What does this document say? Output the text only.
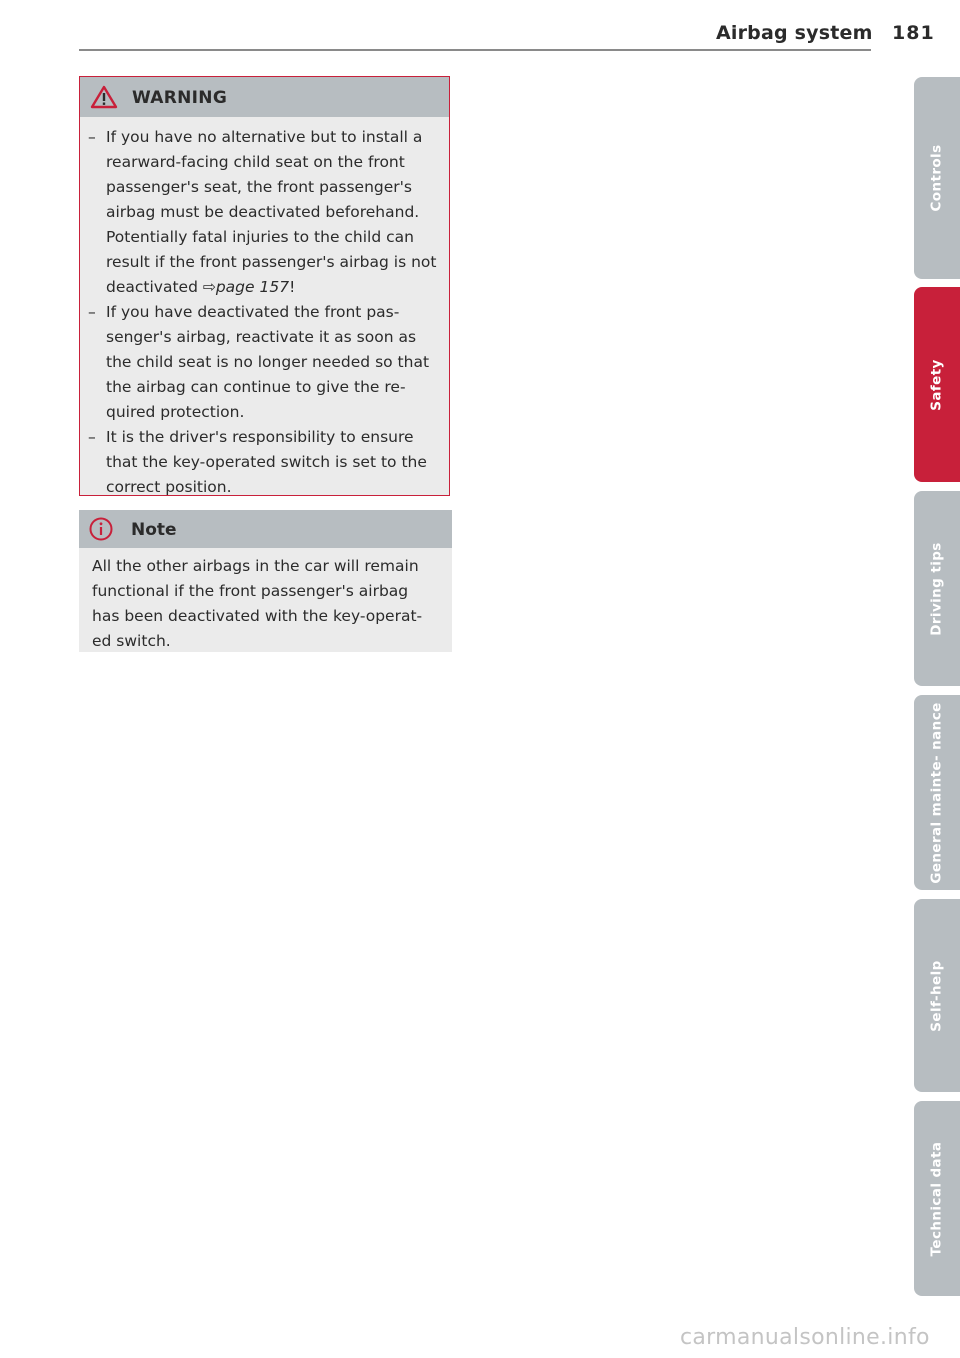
Airbag system 181
WARNING
– If you have no alternative but to install a rearward-facing child seat on the front passenger's seat, the front passenger's airbag must be deactivated beforehand. Potentially fatal injuries to the child can result if the front passenger's airbag is not deactivated ⇨page 157!
– If you have deactivated the front pas-senger's airbag, reactivate it as soon as the child seat is no longer needed so that the airbag can continue to give the re-quired protection.
– It is the driver's responsibility to ensure that the key-operated switch is set to the correct position.
Note

All the other airbags in the car will remain functional if the front passenger's airbag has been deactivated with the key-operat-ed switch.

Controls
Safety
Driving tips
General mainte- nance
Self-help
Technical data
carmanualsonline.info
